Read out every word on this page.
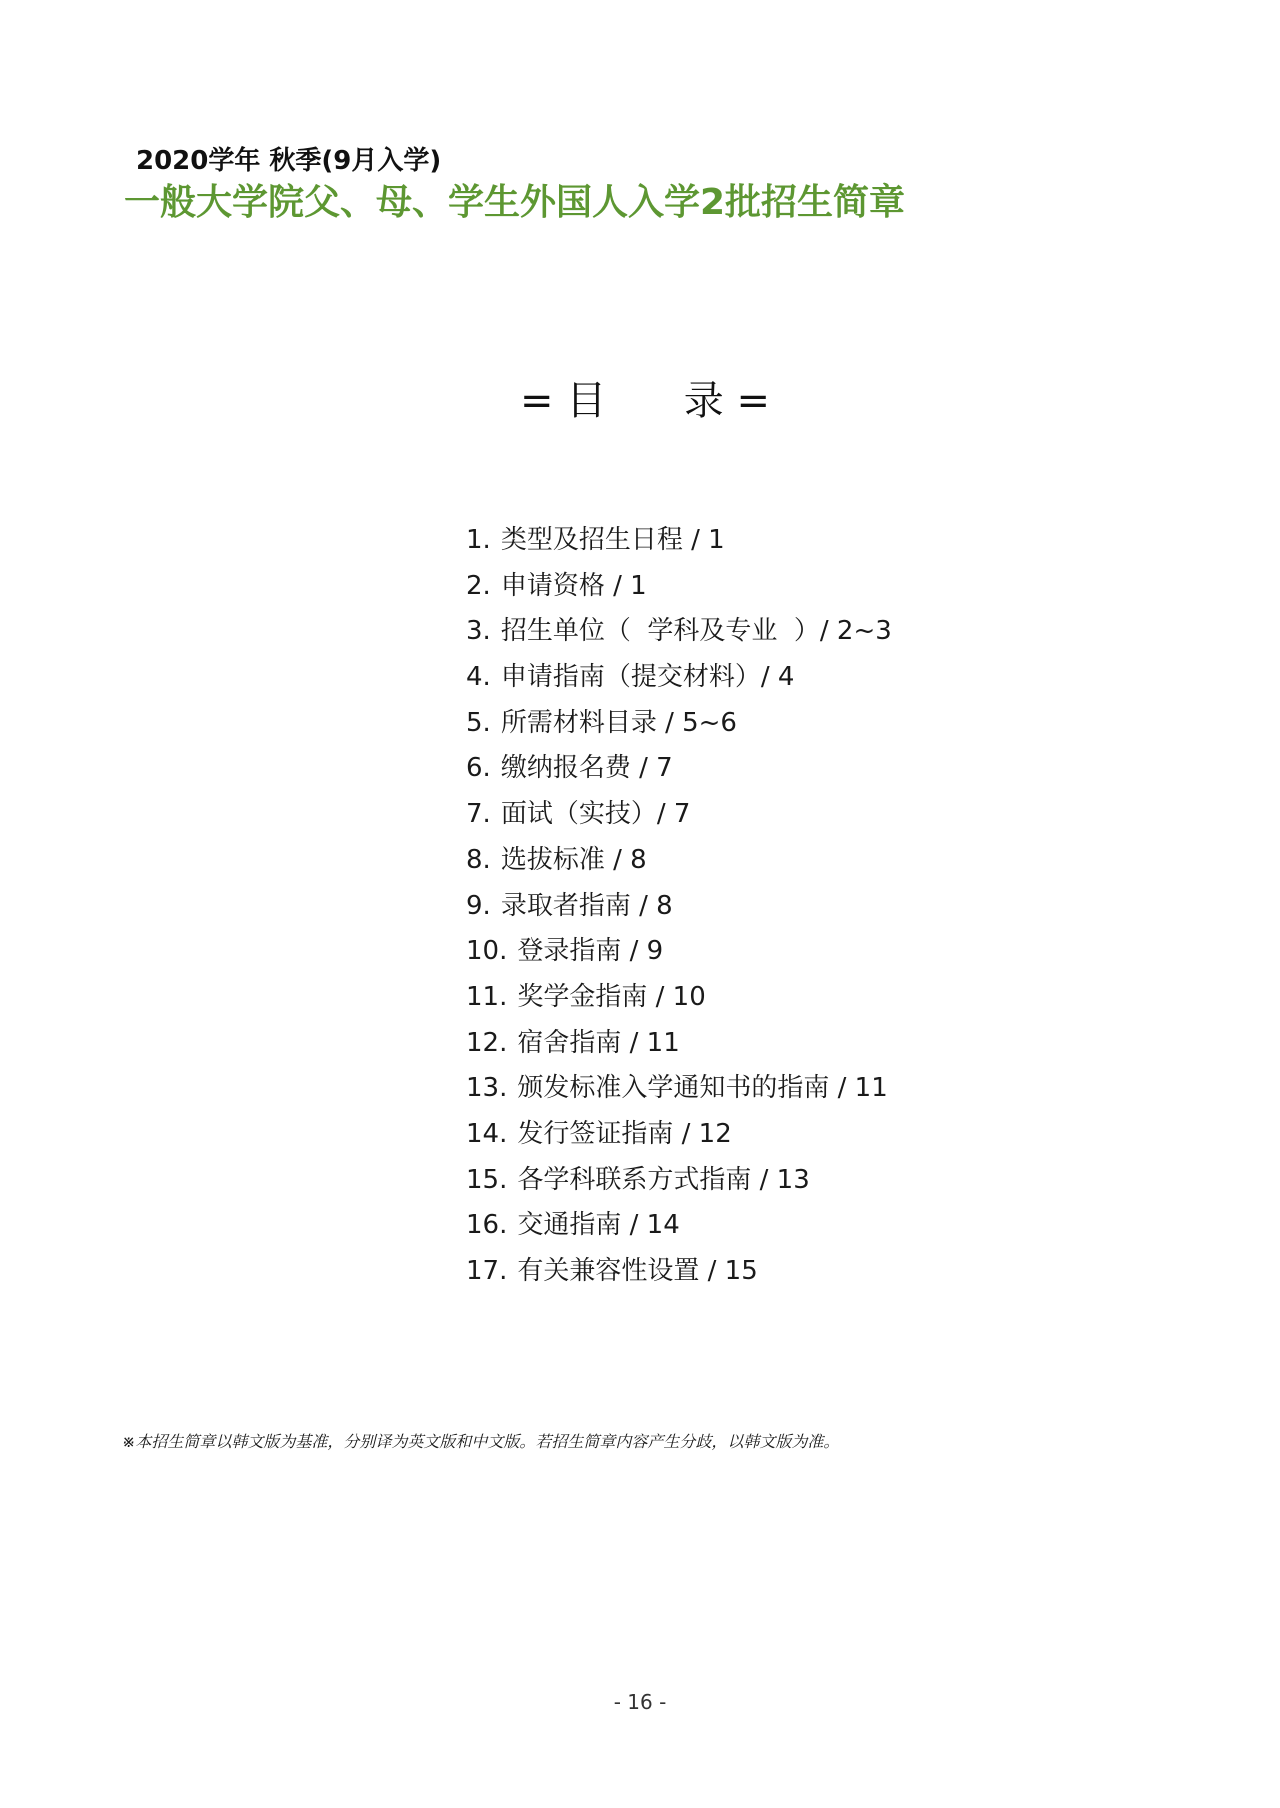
2020学年 秋季(9月入学)
一般大学院父、母、学生外国人入学2批招生简章
= 目 录 =
1. 类型及招生日程 / 1
2. 申请资格 / 1
3. 招生单位（  学科及专业  ）/ 2~3
4. 申请指南（提交材料）/ 4
5. 所需材料目录 / 5~6
6. 缴纳报名费 / 7
7. 面试（实技）/ 7
8. 选拔标准 / 8
9. 录取者指南 / 8
10. 登录指南 / 9
11. 奖学金指南 / 10
12. 宿舍指南 / 11
13. 颁发标准入学通知书的指南 / 11
14. 发行签证指南 / 12
15. 各学科联系方式指南 / 13
16. 交通指南 / 14
17. 有关兼容性设置 / 15
※本招生简章以韩文版为基准，分别译为英文版和中文版。若招生简章内容产生分歧，以韩文版为准。
- 16 -
